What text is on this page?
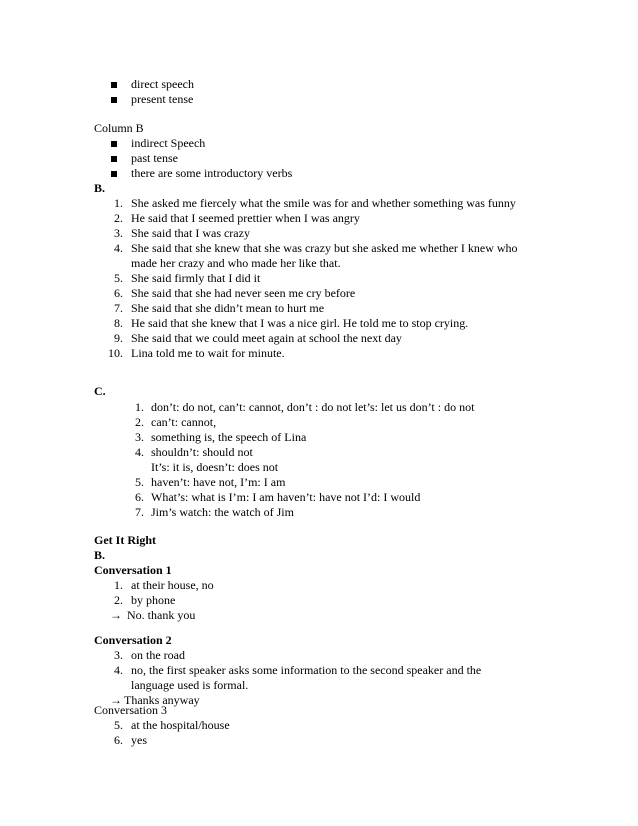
direct speech
present tense
Column B
indirect Speech
past tense
there are some introductory verbs
B.
1. She asked me fiercely what the smile was for and whether something was funny
2. He said that I seemed prettier when I was angry
3. She said that I was crazy
4. She said that she knew that she was crazy but she asked me whether I knew who
made her crazy and who made her like that.
5. She said firmly that I did it
6. She said that she had never seen me cry before
7. She said that she didn’t mean to hurt me
8. He said that she knew that I was a nice girl. He told me to stop crying.
9. She said that we could meet again at school the next day
10. Lina told me to wait for minute.
C.
1. don’t: do not, can’t: cannot, don’t : do not let’s: let us don’t : do not
2. can’t: cannot,
3. something is, the speech of Lina
4. shouldn’t: should not
It’s: it is, doesn’t: does not
5. haven’t: have not, I’m: I am
6. What’s: what is I’m: I am haven’t: have not I’d: I would
7. Jim’s watch: the watch of Jim
Get It Right
B.
Conversation 1
1. at their house, no
2. by phone
→ No. thank you
Conversation 2
3. on the road
4. no, the first speaker asks some information to the second speaker and the
language used is formal.
→ Thanks anyway
Conversation 3
5. at the hospital/house
6. yes
